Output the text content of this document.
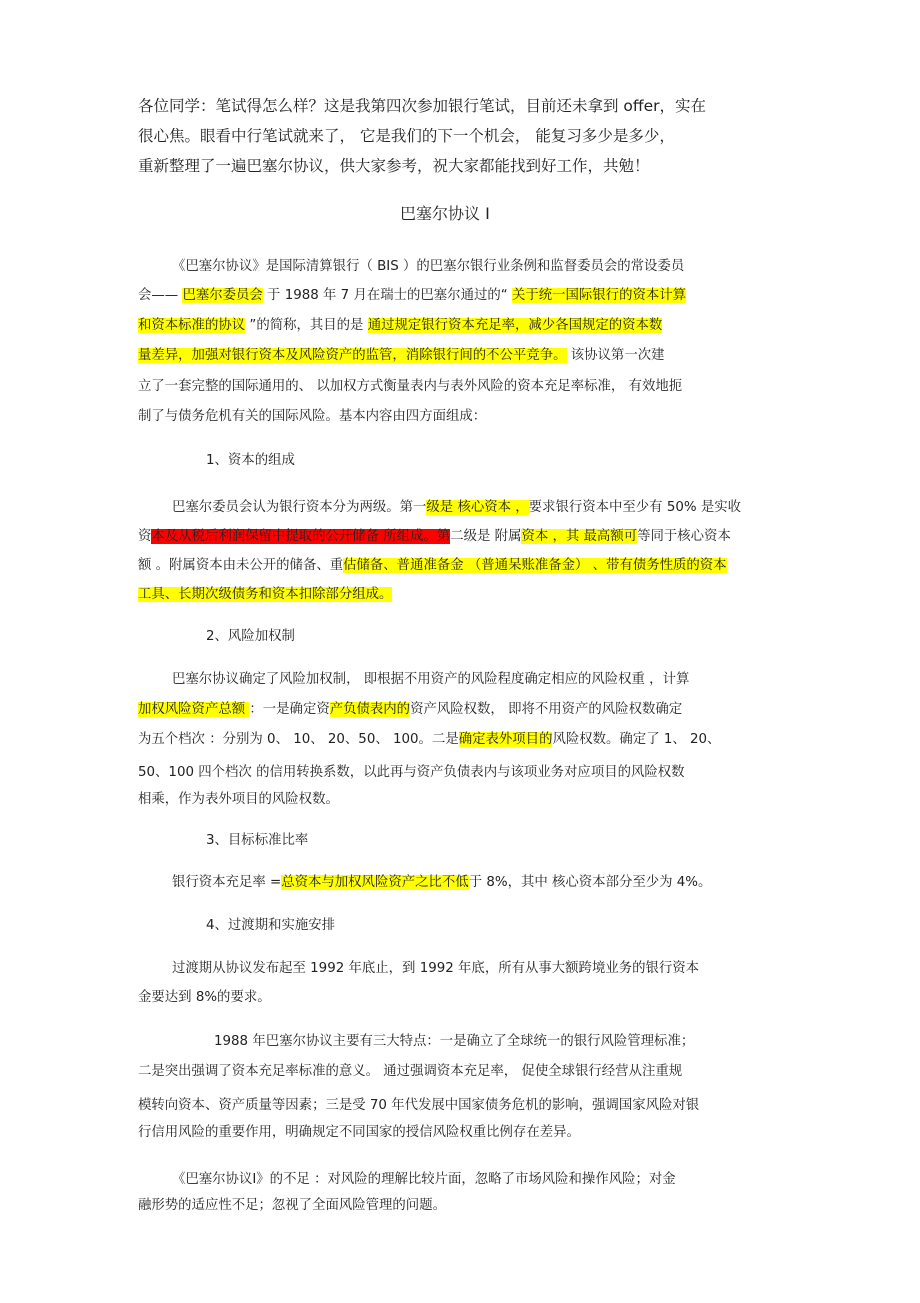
各位同学：笔试得怎么样？这是我第四次参加银行笔试，目前还未拿到 offer，实在
很心焦。眼看中行笔试就来了， 它是我们的下一个机会， 能复习多少是多少，
重新整理了一遍巴塞尔协议，供大家参考，祝大家都能找到好工作，共勉！
巴塞尔协议 Ⅰ
《巴塞尔协议》是国际清算银行（ BIS ）的巴塞尔银行业条例和监督委员会的常设委员
会—— 巴塞尔委员会 于 1988 年 7 月在瑞士的巴塞尔通过的“ 关于统一国际银行的资本计算
和资本标准的协议 ”的简称，其目的是 通过规定银行资本充足率，减少各国规定的资本数
量差异，加强对银行资本及风险资产的监管，消除银行间的不公平竞争。 该协议第一次建
立了一套完整的国际通用的、 以加权方式衡量表内与表外风险的资本充足率标准， 有效地扼
制了与债务危机有关的国际风险。基本内容由四方面组成：
1、资本的组成
巴塞尔委员会认为银行资本分为两级。第一级是 核心资本 ，要求银行资本中至少有 50% 是实收
资本及从税后利润保留中提取的公开储备 所组成。第二级是 附属资本 ，其 最高额可等同于核心资本
额 。附属资本由未公开的储备、重估储备、普通准备金 （普通呆账准备金） 、带有债务性质的资本
工具、长期次级债务和资本扣除部分组成。
2、风险加权制
巴塞尔协议确定了风险加权制， 即根据不用资产的风险程度确定相应的风险权重 ，计算
加权风险资产总额 ：一是确定资产负债表内的资产风险权数， 即将不用资产的风险权数确定
为五个档次 ：分别为 0、 10、 20、50、 100。二是确定表外项目的风险权数。确定了 1、 20、
50、100 四个档次 的信用转换系数，以此再与资产负债表内与该项业务对应项目的风险权数
相乘，作为表外项目的风险权数。
3、目标标准比率
银行资本充足率 =总资本与加权风险资产之比不低于 8%，其中 核心资本部分至少为 4%。
4、过渡期和实施安排
过渡期从协议发布起至 1992 年底止，到 1992 年底，所有从事大额跨境业务的银行资本
金要达到 8%的要求。
1988 年巴塞尔协议主要有三大特点：一是确立了全球统一的银行风险管理标准；
二是突出强调了资本充足率标准的意义。 通过强调资本充足率， 促使全球银行经营从注重规
模转向资本、资产质量等因素；三是受 70 年代发展中国家债务危机的影响，强调国家风险对银
行信用风险的重要作用，明确规定不同国家的授信风险权重比例存在差异。
《巴塞尔协议Ⅰ》的不足 ：对风险的理解比较片面，忽略了市场风险和操作风险；对金
融形势的适应性不足；忽视了全面风险管理的问题。
